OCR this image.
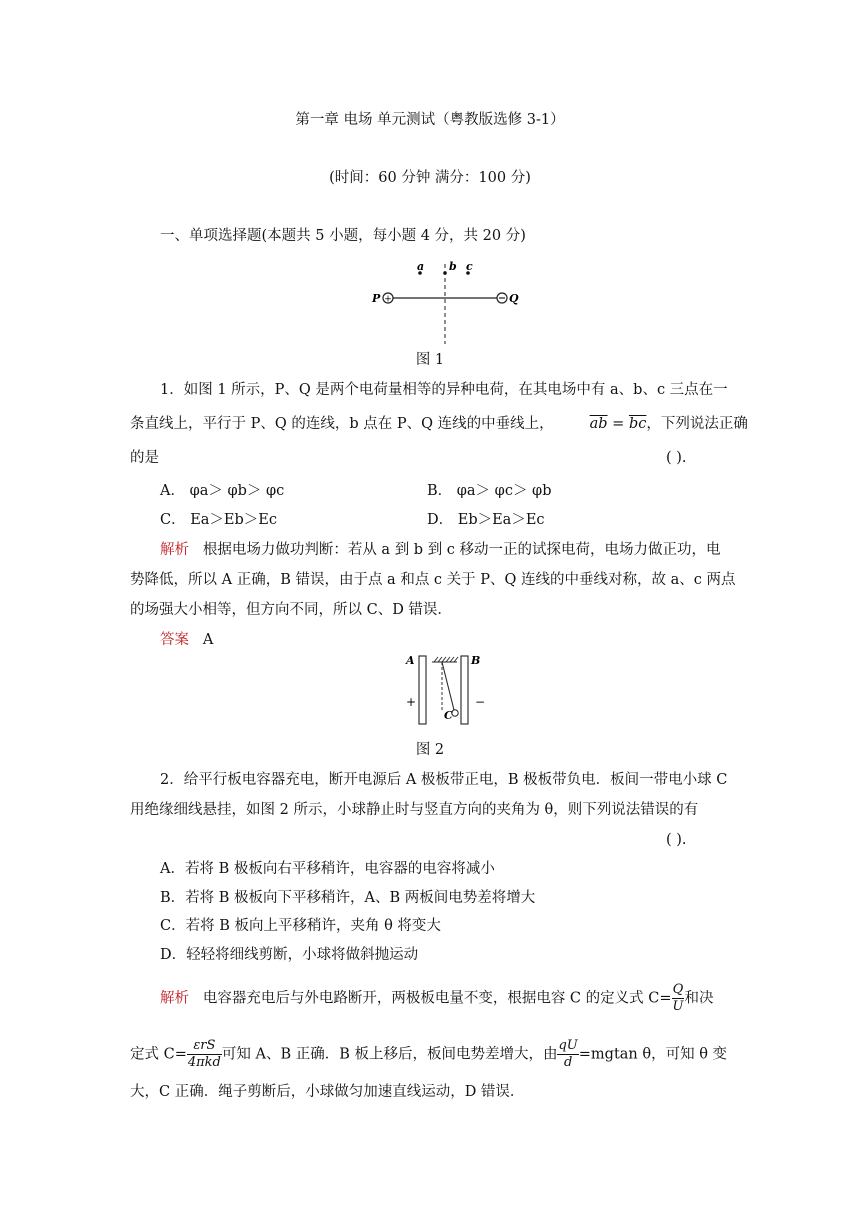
第一章 电场 单元测试（粤教版选修 3-1）
(时间：60 分钟 满分：100 分)
一、单项选择题(本题共 5 小题，每小题 4 分，共 20 分)
+
a b c
P	Q
图 1
1．如图 1 所示，P、Q 是两个电荷量相等的异种电荷，在其电场中有 a、b、c 三点在一
条直线上，平行于 P、Q 的连线，b 点在 P、Q 连线的中垂线上， $\overline{ab} = \overline{bc}$，下列说法正确
的是	( ).
A． φa＞ φb＞ φc	B． φa＞ φc＞ φb
C． Ea＞Eb＞Ec	D． Eb＞Ea＞Ec
解析 根据电场力做功判断：若从 a 到 b 到 c 移动一正的试探电荷，电场力做正功，电
势降低，所以 A 正确，B 错误，由于点 a 和点 c 关于 P、Q 连线的中垂线对称，故 a、c 两点
的场强大小相等，但方向不同，所以 C、D 错误．
答案 A
A	B
C
+	−
图 2
2．给平行板电容器充电，断开电源后 A 极板带正电，B 极板带负电．板间一带电小球 C
用绝缘细线悬挂，如图 2 所示，小球静止时与竖直方向的夹角为 θ，则下列说法错误的有
( ).
A．若将 B 极板向右平移稍许，电容器的电容将减小
B．若将 B 极板向下平移稍许，A、B 两板间电势差将增大
C．若将 B 板向上平移稍许，夹角 θ 将变大
D．轻轻将细线剪断，小球将做斜抛运动
解析 电容器充电后与外电路断开，两极板电量不变，根据电容 C 的定义式 $C= \frac{Q}{U}$ 和决
定式 $C= \frac{\text{εrS}}{\text{4πkd}}$ 可知 A、B 正确．B 板上移后，板间电势差增大，由 $\frac{qU}{d} =mgtan$ θ，可知 θ 变
大，C 正确．绳子剪断后，小球做匀加速直线运动，D 错误．
